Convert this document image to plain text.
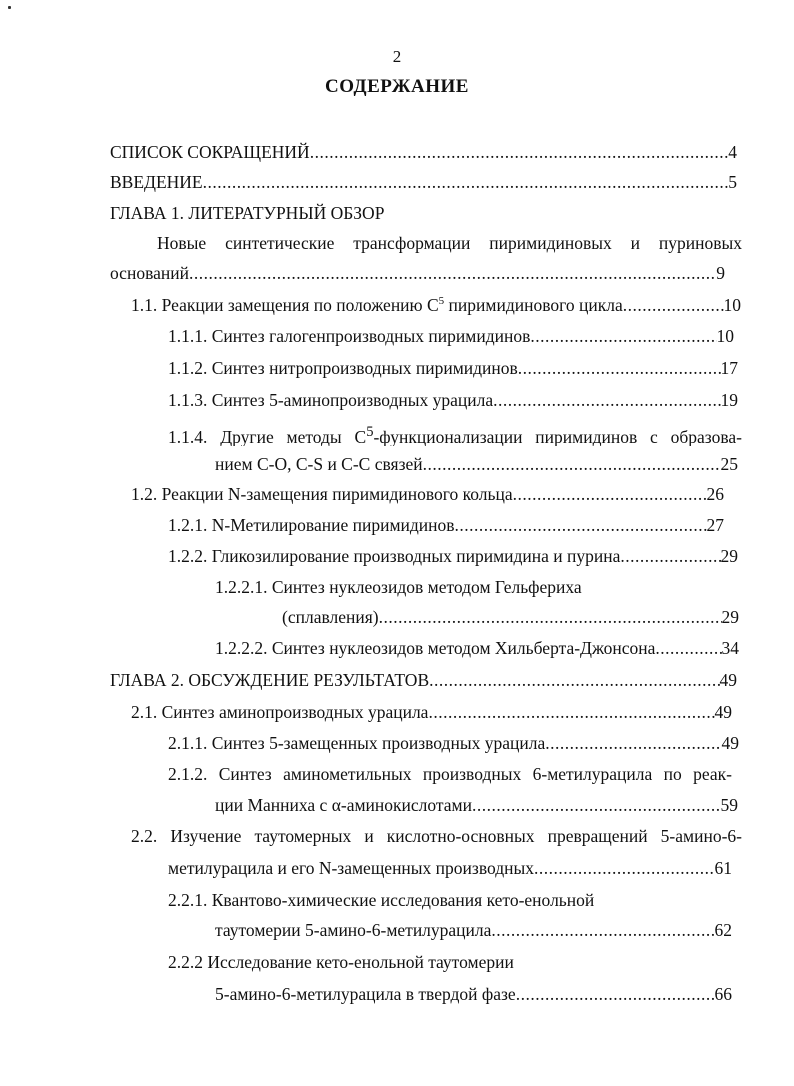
2
СОДЕРЖАНИЕ
СПИСОК СОКРАЩЕНИЙ .....	4
ВВЕДЕНИЕ .....	5
ГЛАВА 1. ЛИТЕРАТУРНЫЙ ОБЗОР
Новые синтетические трансформации пиримидиновых и пуриновых
оснований .....	9
1.1. Реакции замещения по положению $C^5$ пиримидинового цикла .....	10
1.1.1. Синтез галогенпроизводных пиримидинов .....	10
1.1.2. Синтез нитропроизводных пиримидинов .....	17
1.1.3. Синтез 5-аминопроизводных урацила .....	19
1.1.4. Другие методы $С^5$-функционализации пиримидинов с образова-
нием С-О, С-S и С-С связей .....	25
1.2. Реакции N-замещения пиримидинового кольца .....	26
1.2.1. N-Метилирование пиримидинов .....	27
1.2.2. Гликозилирование производных пиримидина и пурина .....	29
1.2.2.1. Синтез нуклеозидов методом Гельфериха
(сплавления) .....	29
1.2.2.2. Синтез нуклеозидов методом Хильберта-Джонсона .....	34
ГЛАВА 2. ОБСУЖДЕНИЕ РЕЗУЛЬТАТОВ .....	49
2.1. Синтез аминопроизводных урацила .....	49
2.1.1. Синтез 5-замещенных производных урацила .....	49
2.1.2. Синтез аминометильных производных 6-метилурацила по реак-
ции Манниха с α-аминокислотами .....	59
2.2. Изучение таутомерных и кислотно-основных превращений 5-амино-6-
метилурацила и его N-замещенных производных .....	61
2.2.1. Квантово-химические исследования кето-енольной
таутомерии 5-амино-6-метилурацила .....	62
2.2.2 Исследование кето-енольной таутомерии
5-амино-6-метилурацила в твердой фазе .....	66
